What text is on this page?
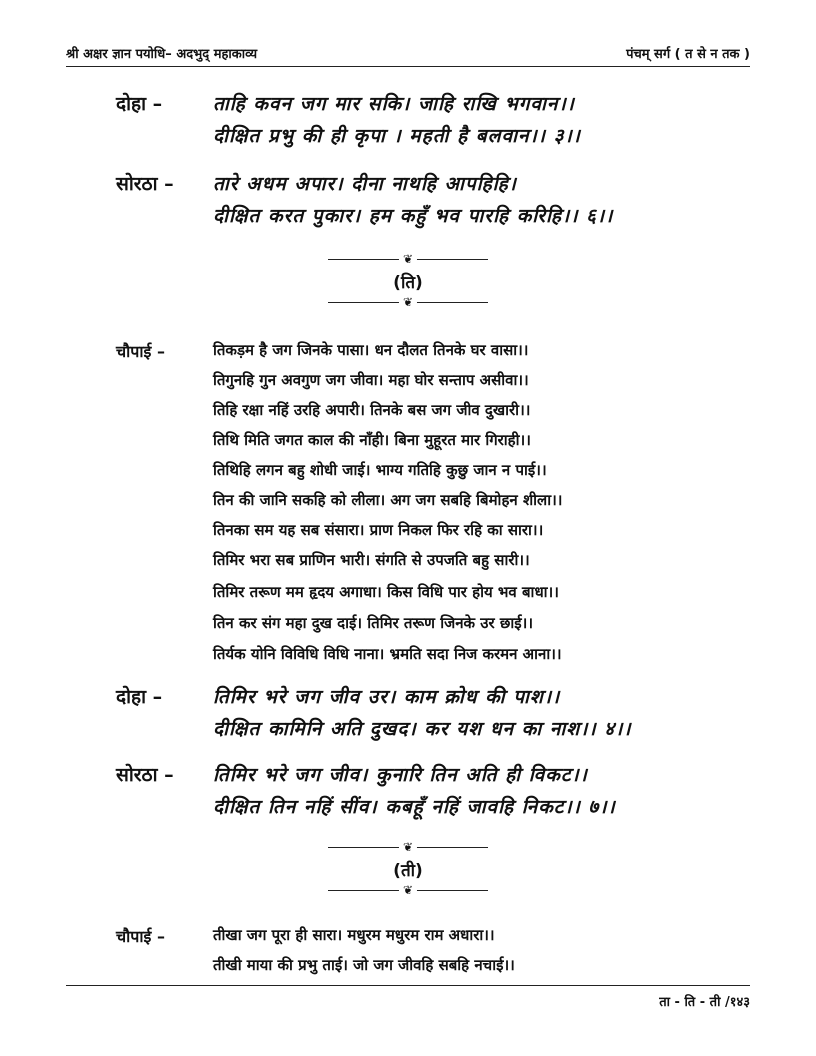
श्री अक्षर ज्ञान पयोधि– अदभुद् महाकाव्य	पंचम् सर्ग ( त से न तक )
दोहा –	ताहि कवन जग मार सकि। जाहि राखि भगवान।।
दीक्षित प्रभु की ही कृपा । महती है बलवान।। ३।।
सोरठा – तारे अधम अपार। दीना नाथहि आपहिहि।
दीक्षित करत पुकार। हम कहुँ भव पारहि करिहि।। ६।।
❦
(ति)
❦
चौपाई –	तिकड़म है जग जिनके पासा। धन दौलत तिनके घर वासा।।
तिगुनहि गुन अवगुण जग जीवा। महा घोर सन्ताप असीवा।।
तिहि रक्षा नहिं उरहि अपारी। तिनके बस जग जीव दुखारी।।
तिथि मिति जगत काल की नाँही। बिना मुहूरत मार गिराही।।
तिथिहि लगन बहु शोधी जाई। भाग्य गतिहि कुछु जान न पाई।।
तिन की जानि सकहि को लीला। अग जग सबहि बिमोहन शीला।।
तिनका सम यह सब संसारा। प्राण निकल फिर रहि का सारा।।
तिमिर भरा सब प्राणिन भारी। संगति से उपजति बहु सारी।।
तिमिर तरूण मम हृदय अगाधा। किस विधि पार होय भव बाधा।।
तिन कर संग महा दुख दाई। तिमिर तरूण जिनके उर छाई।।
तिर्यक योनि विविधि विधि नाना। भ्रमति सदा निज करमन आना।।
दोहा –	तिमिर भरे जग जीव उर। काम क्रोध की पाश।।
दीक्षित कामिनि अति दुखद। कर यश धन का नाश।। ४।।
सोरठा – तिमिर भरे जग जीव। कुनारि तिन अति ही विकट।।
दीक्षित तिन नहिं सींव। कबहूँ नहिं जावहि निकट।। ७।।
❦
(ती)
❦
चौपाई –	तीखा जग पूरा ही सारा। मधुरम मधुरम राम अधारा।।
तीखी माया की प्रभु ताई। जो जग जीवहि सबहि नचाई।।
ता - ति - ती /१४३
